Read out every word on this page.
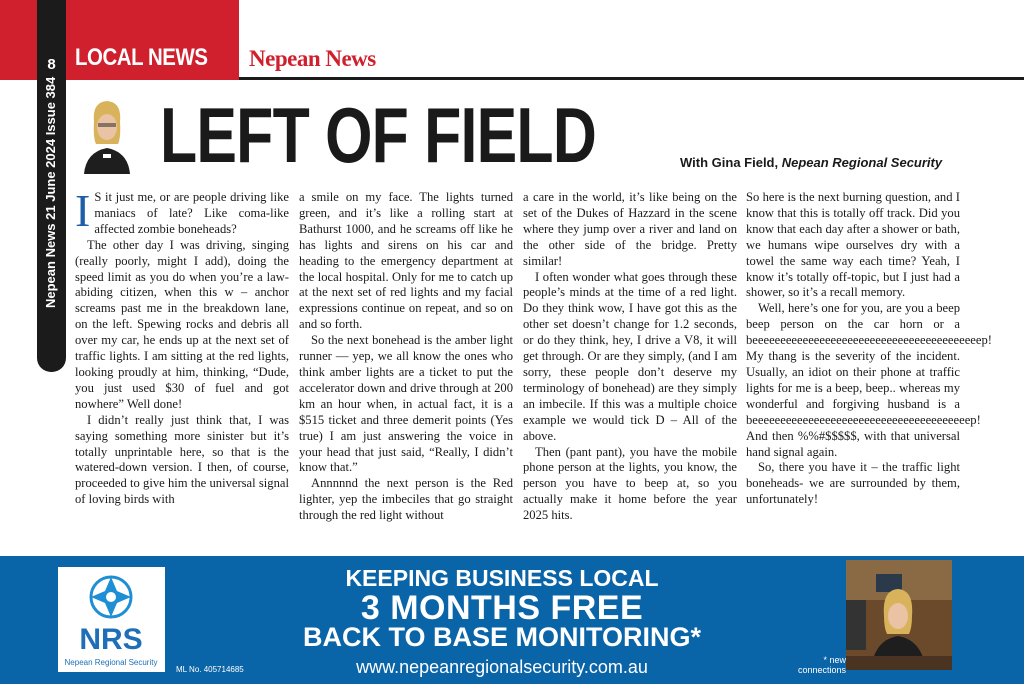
8 LOCAL NEWS Nepean News
Nepean News 21 June 2024 Issue 384 LEFT OF FIELD	With Gina Field, Nepean Regional Security

I S it just me, or are people driving like maniacs of late? Like coma-like affected zombie boneheads?

The other day I was driving, singing (really poorly, might I add), doing the speed limit as you do when you’re a law-abiding citizen, when this w – anchor screams past me in the breakdown lane, on the left. Spewing rocks and debris all over my car, he ends up at the next set of traffic lights. I am sitting at the red lights, looking proudly at him, thinking, “Dude, you just used $30 of fuel and got nowhere” Well done!

I didn’t really just think that, I was saying something more sinister but it’s totally unprintable here, so that is the watered-down version. I then, of course, proceeded to give him the universal signal of loving birds with

a smile on my face. The lights turned green, and it’s like a rolling start at Bathurst 1000, and he screams off like he has lights and sirens on his car and heading to the emergency department at the local hospital. Only for me to catch up at the next set of red lights and my facial expressions continue on repeat, and so on and so forth.

So the next bonehead is the amber light runner — yep, we all know the ones who think amber lights are a ticket to put the accelerator down and drive through at 200 km an hour when, in actual fact, it is a $515 ticket and three demerit points (Yes true) I am just answering the voice in your head that just said, “Really, I didn’t know that.”

Annnnnd the next person is the Red lighter, yep the imbeciles that go straight through the red light without

a care in the world, it’s like being on the set of the Dukes of Hazzard in the scene where they jump over a river and land on the other side of the bridge. Pretty similar!

I often wonder what goes through these people’s minds at the time of a red light. Do they think wow, I have got this as the other set doesn’t change for 1.2 seconds, or do they think, hey, I drive a V8, it will get through. Or are they simply, (and I am sorry, these people don’t deserve my terminology of bonehead) are they simply an imbecile. If this was a multiple choice example we would tick D – All of the above.

Then (pant pant), you have the mobile phone person at the lights, you know, the person you have to beep at, so you actually make it home before the year 2025 hits.

So here is the next burning question, and I know that this is totally off track. Did you know that each day after a shower or bath, we humans wipe ourselves dry with a towel the same way each time? Yeah, I know it’s totally off-topic, but I just had a shower, so it’s a recall memory.

Well, here’s one for you, are you a beep beep person on the car horn or a beeeeeeeeeeeeeeeeeeeeeeeeeeeeeeeeeeeeeeeeep! My thang is the severity of the incident. Usually, an idiot on their phone at traffic lights for me is a beep, beep.. whereas my wonderful and forgiving husband is a beeeeeeeeeeeeeeeeeeeeeeeeeeeeeeeeeeeeeeep! And then %%#$$$$$, with that universal hand signal again.

So, there you have it – the traffic light boneheads- we are surrounded by them, unfortunately!

NRS
Nepean Regional Security
ML No. 405714685
KEEPING BUSINESS LOCAL
3 MONTHS FREE
BACK TO BASE MONITORING*
www.nepeanregionalsecurity.com.au	* new connections
